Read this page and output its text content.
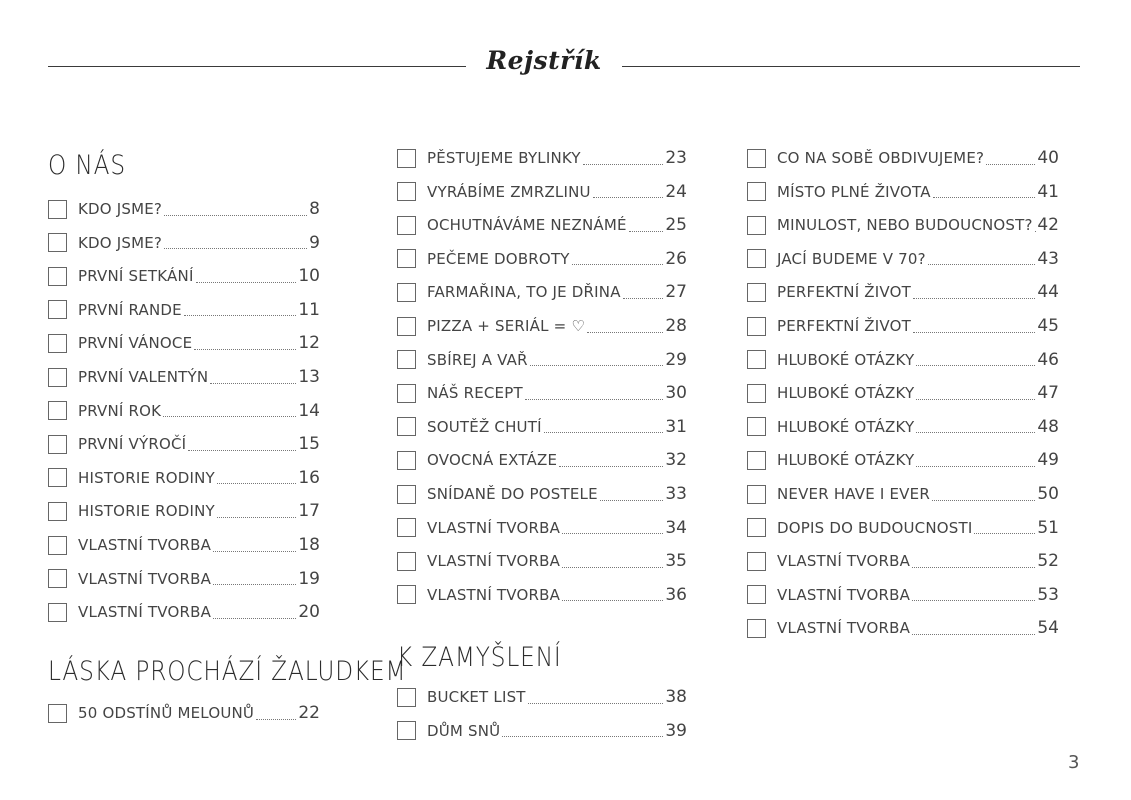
Rejstřík
O NÁS
KDO JSME?	8
KDO JSME?	9
PRVNÍ SETKÁNÍ	10
PRVNÍ RANDE	11
PRVNÍ VÁNOCE	12
PRVNÍ VALENTÝN	13
PRVNÍ ROK	14
PRVNÍ VÝROČÍ	15
HISTORIE RODINY	16
HISTORIE RODINY	17
VLASTNÍ TVORBA	18
VLASTNÍ TVORBA	19
VLASTNÍ TVORBA	20
LÁSKA PROCHÁZÍ ŽALUDKEM
50 ODSTÍNŮ MELOUNŮ	22
PĚSTUJEME BYLINKY	23
VYRÁBÍME ZMRZLINU	24
OCHUTNÁVÁME NEZNÁMÉ 25
PEČEME DOBROTY	26
FARMAŘINA, TO JE DŘINA	27
PIZZA + SERIÁL = ♡	28
SBÍREJ A VAŘ	29
NÁŠ RECEPT	30
SOUTĚŽ CHUTÍ	31
OVOCNÁ EXTÁZE	32
SNÍDANĚ DO POSTELE	33
VLASTNÍ TVORBA	34
VLASTNÍ TVORBA	35
VLASTNÍ TVORBA	36
K ZAMYŠLENÍ
BUCKET LIST	38
DŮM SNŮ	39
CO NA SOBĚ OBDIVUJEME?	40
MÍSTO PLNÉ ŽIVOTA	41
MINULOST, NEBO BUDOUCNOST? 42
JACÍ BUDEME V 70?	43
PERFEKTNÍ ŽIVOT	44
PERFEKTNÍ ŽIVOT	45
HLUBOKÉ OTÁZKY	46
HLUBOKÉ OTÁZKY	47
HLUBOKÉ OTÁZKY	48
HLUBOKÉ OTÁZKY	49
NEVER HAVE I EVER	50
DOPIS DO BUDOUCNOSTI	51
VLASTNÍ TVORBA	52
VLASTNÍ TVORBA	53
VLASTNÍ TVORBA	54
3
